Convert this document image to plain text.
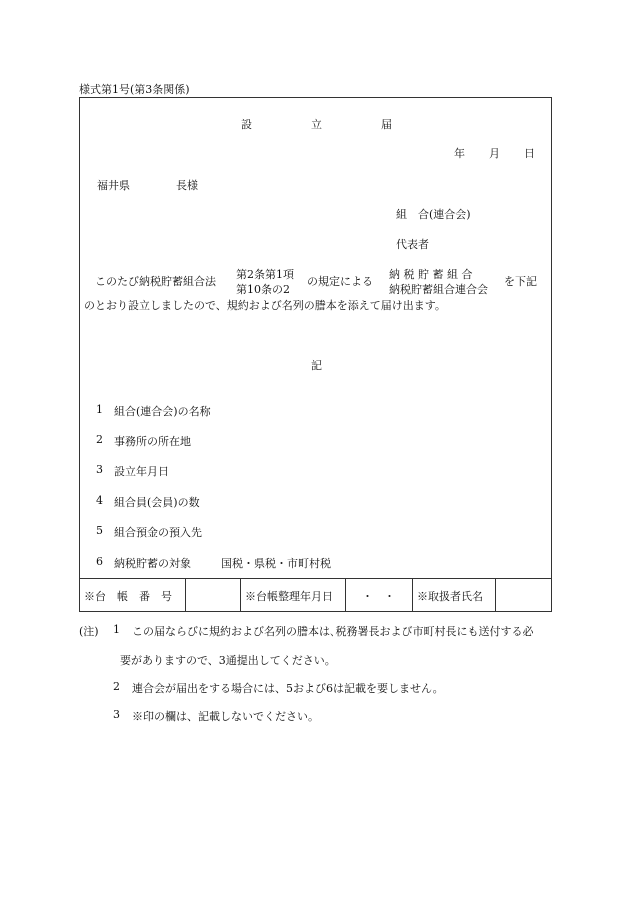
様式第1号(第3条関係)
設	立	届
年 月 日
福井県	長様
組　合(連合会)
代表者
このたび納税貯蓄組合法
第2条第1項
第10条の2
の規定による
納 税 貯 蓄 組 合
納税貯蓄組合連合会
を下記
のとおり設立しましたので、規約および名列の謄本を添えて届け出ます。
記
1 組合(連合会)の名称
2 事務所の所在地
3 設立年月日
4 組合員(会員)の数
5 組合預金の預入先
6 納税貯蓄の対象	国税・県税・市町村税
※台　帳　番　号	※台帳整理年月日	・　・	※取扱者氏名
(注) 1 この届ならびに規約および名列の謄本は､税務署長および市町村長にも送付する必
要がありますので、3通提出してください。
2 連合会が届出をする場合には、5および6は記載を要しません。
3 ※印の欄は、記載しないでください。
